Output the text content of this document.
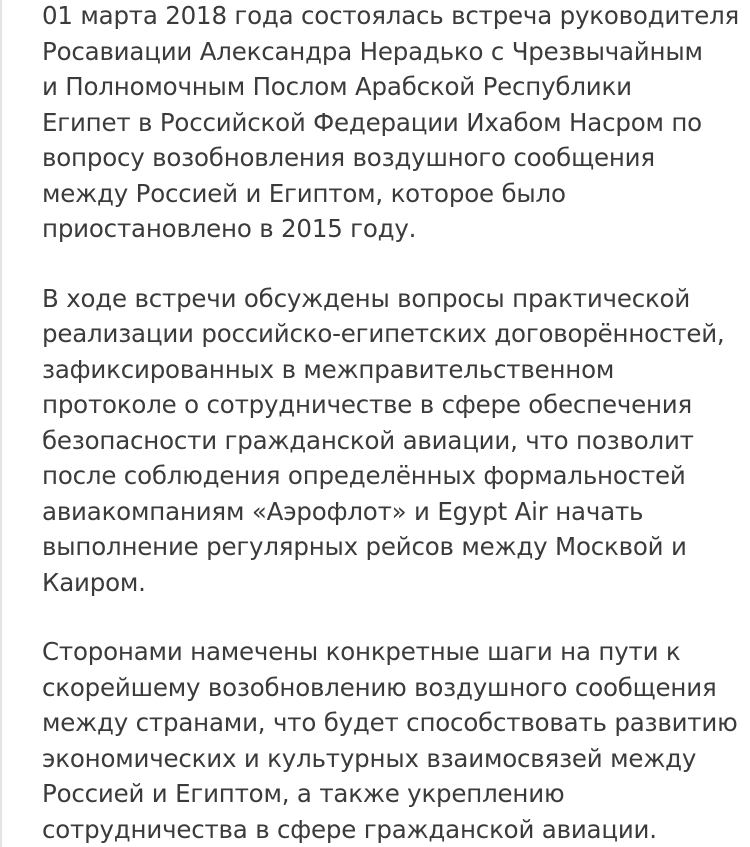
01 марта 2018 года состоялась встреча руководителя
Росавиации Александра Нерадько с Чрезвычайным
и Полномочным Послом Арабской Республики
Египет в Российской Федерации Ихабом Насром по
вопросу возобновления воздушного сообщения
между Россией и Египтом, которое было
приостановлено в 2015 году.

В ходе встречи обсуждены вопросы практической
реализации российско-египетских договорённостей,
зафиксированных в межправительственном
протоколе о сотрудничестве в сфере обеспечения
безопасности гражданской авиации, что позволит
после соблюдения определённых формальностей
авиакомпаниям «Аэрофлот» и Egypt Air начать
выполнение регулярных рейсов между Москвой и
Каиром.

Сторонами намечены конкретные шаги на пути к
скорейшему возобновлению воздушного сообщения
между странами, что будет способствовать развитию
экономических и культурных взаимосвязей между
Россией и Египтом, а также укреплению
сотрудничества в сфере гражданской авиации.
